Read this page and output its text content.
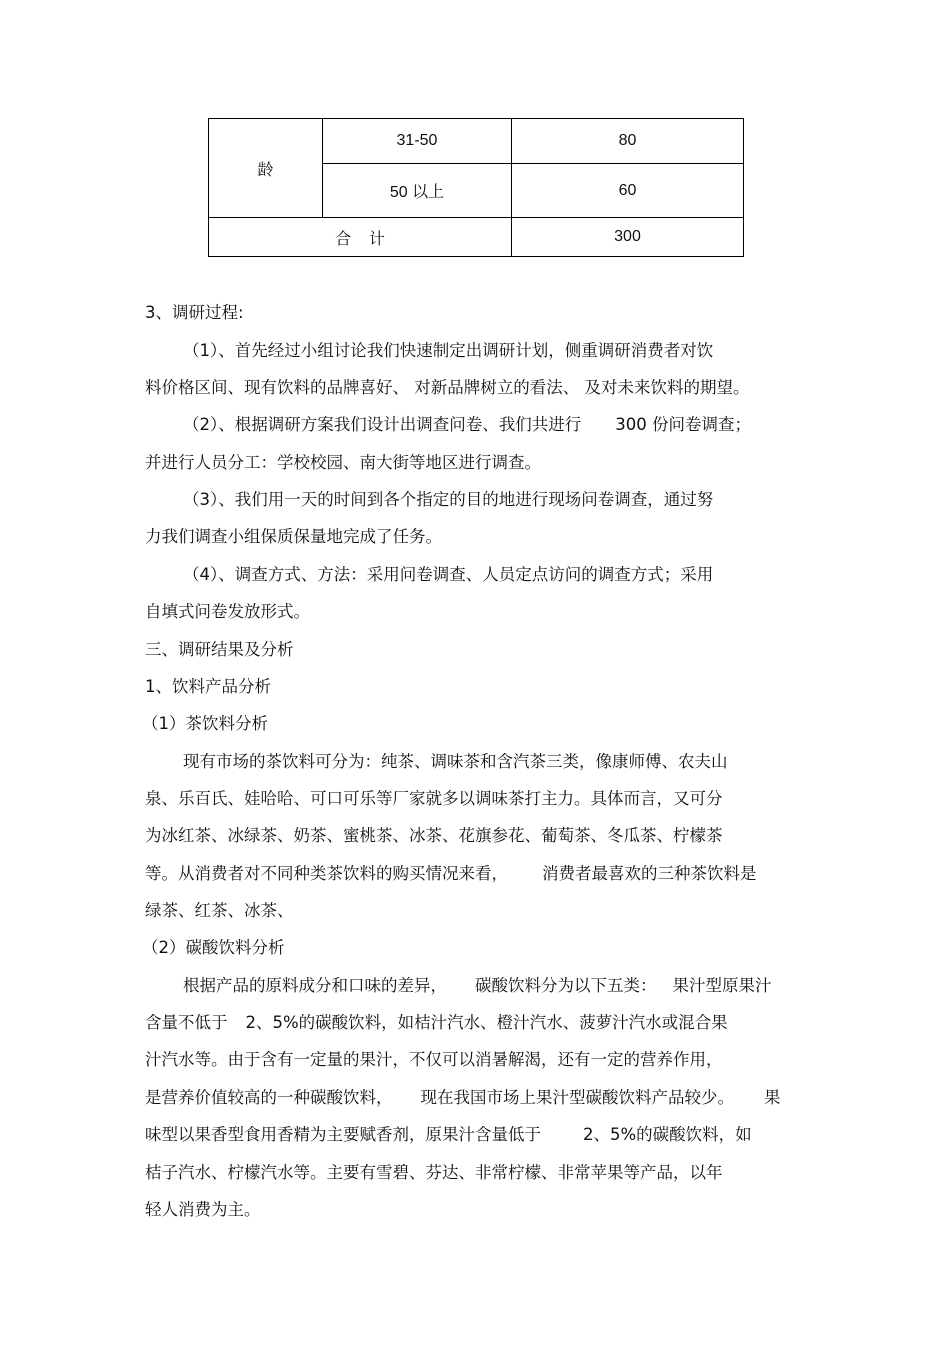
龄	31-50	80
	50 以上	60
合    计		300
3、调研过程:
（1）、首先经过小组讨论我们快速制定出调研计划，侧重调研消费者对饮
料价格区间、现有饮料的品牌喜好、 对新品牌树立的看法、 及对未来饮料的期望。
（2）、根据调研方案我们设计出调查问卷、我们共进行 300 份问卷调查；
并进行人员分工：学校校园、南大街等地区进行调查。
（3）、我们用一天的时间到各个指定的目的地进行现场问卷调查，通过努
力我们调查小组保质保量地完成了任务。
（4）、调查方式、方法：采用问卷调查、人员定点访问的调查方式；采用
自填式问卷发放形式。
三、调研结果及分析
1、饮料产品分析
（1）茶饮料分析
现有市场的茶饮料可分为：纯茶、调味茶和含汽茶三类，像康师傅、农夫山
泉、乐百氏、娃哈哈、可口可乐等厂家就多以调味茶打主力。具体而言，又可分
为冰红茶、冰绿茶、奶茶、蜜桃茶、冰茶、花旗参花、葡萄茶、冬瓜茶、柠檬茶
等。从消费者对不同种类茶饮料的购买情况来看， 消费者最喜欢的三种茶饮料是
绿茶、红茶、冰茶、
（2）碳酸饮料分析
根据产品的原料成分和口味的差异， 碳酸饮料分为以下五类： 果汁型原果汁
含量不低于 2、5%的碳酸饮料，如桔汁汽水、橙汁汽水、菠萝汁汽水或混合果
汁汽水等。由于含有一定量的果汁，不仅可以消暑解渴，还有一定的营养作用，
是营养价值较高的一种碳酸饮料， 现在我国市场上果汁型碳酸饮料产品较少。 果
味型以果香型食用香精为主要赋香剂，原果汁含量低于	2、5%的碳酸饮料，如
桔子汽水、柠檬汽水等。主要有雪碧、芬达、非常柠檬、非常苹果等产品，以年
轻人消费为主。
